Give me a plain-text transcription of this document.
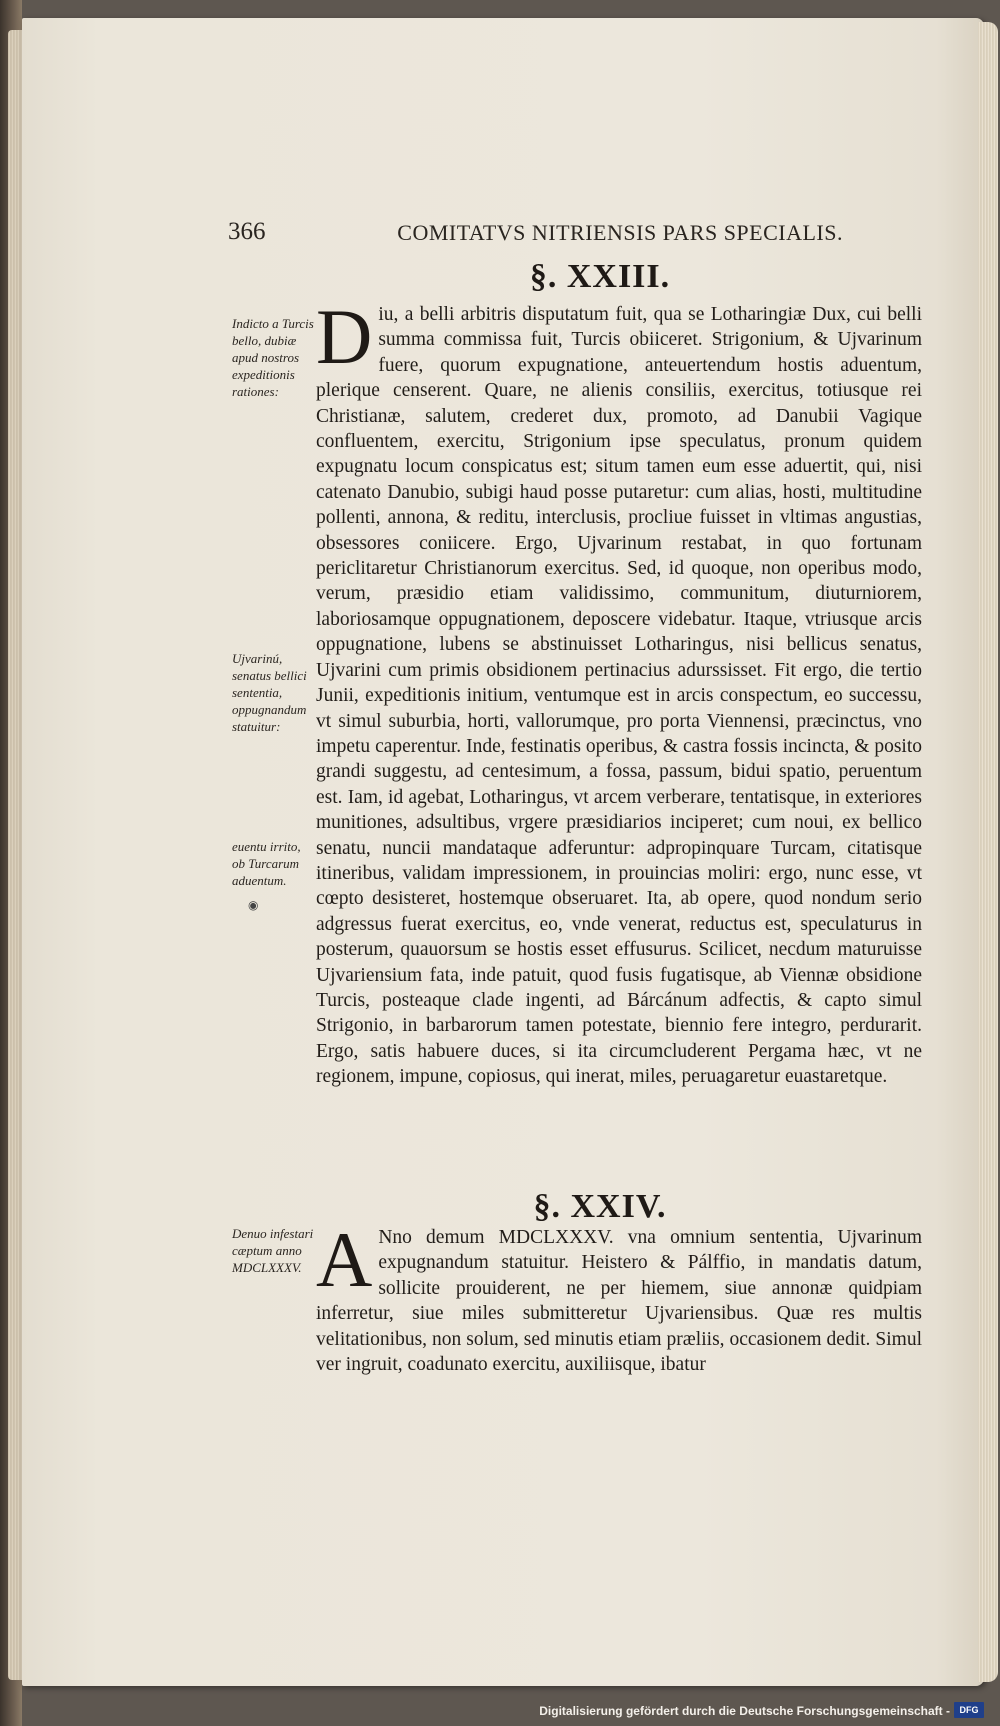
366	COMITATVS NITRIENSIS PARS SPECIALIS.
§. XXIII.
Indicto a Turcis bello, dubiæ apud nostros expeditionis rationes:
Ujvarinú, senatus bellici sententia, oppugnandum statuitur:
euentu irrito, ob Turcarum aduentum.
◉

Diu, a belli arbitris disputatum fuit, qua se Lotharingiæ Dux, cui belli summa commissa fuit, Turcis obiiceret. Strigonium, & Ujvarinum fuere, quorum expugnatione, anteuertendum hostis aduentum, plerique censerent. Quare, ne alienis consiliis, exercitus, totiusque rei Christianæ, salutem, crederet dux, promoto, ad Danubii Vagique confluentem, exercitu, Strigonium ipse speculatus, pronum quidem expugnatu locum conspicatus est; situm tamen eum esse aduertit, qui, nisi catenato Danubio, subigi haud posse putaretur: cum alias, hosti, multitudine pollenti, annona, & reditu, interclusis, procliue fuisset in vltimas angustias, obsessores coniicere. Ergo, Ujvarinum restabat, in quo fortunam periclitaretur Christianorum exercitus. Sed, id quoque, non operibus modo, verum, præsidio etiam validissimo, communitum, diuturniorem, laboriosamque oppugnationem, deposcere videbatur. Itaque, vtriusque arcis oppugnatione, lubens se abstinuisset Lotharingus, nisi bellicus senatus, Ujvarini cum primis obsidionem pertinacius adurssisset. Fit ergo, die tertio Junii, expeditionis initium, ventumque est in arcis conspectum, eo successu, vt simul suburbia, horti, vallorumque, pro porta Viennensi, præcinctus, vno impetu caperentur. Inde, festinatis operibus, & castra fossis incincta, & posito grandi suggestu, ad centesimum, a fossa, passum, bidui spatio, peruentum est. Iam, id agebat, Lotharingus, vt arcem verberare, tentatisque, in exteriores munitiones, adsultibus, vrgere præsidiarios inciperet; cum noui, ex bellico senatu, nuncii mandataque adferuntur: adpropinquare Turcam, citatisque itineribus, validam impressionem, in prouincias moliri: ergo, nunc esse, vt cœpto desisteret, hostemque obseruaret. Ita, ab opere, quod nondum serio adgressus fuerat exercitus, eo, vnde venerat, reductus est, speculaturus in posterum, quauorsum se hostis esset effusurus. Scilicet, necdum maturuisse Ujvariensium fata, inde patuit, quod fusis fugatisque, ab Viennæ obsidione Turcis, posteaque clade ingenti, ad Bárcánum adfectis, & capto simul Strigonio, in barbarorum tamen potestate, biennio fere integro, perdurarit. Ergo, satis habuere duces, si ita circumcluderent Pergama hæc, vt ne regionem, impune, copiosus, qui inerat, miles, peruagaretur euastaretque.

§. XXIV.
Denuo infestari cæptum anno MDCLXXXV. A Nno demum MDCLXXXV. vna omnium sententia, Ujvarinum expugnandum statuitur. Heistero & Pálffio, in mandatis datum, sollicite prouiderent, ne per hiemem, siue annonæ quidpiam inferretur, siue miles submitteretur Ujvariensibus. Quæ res multis velitationibus, non solum, sed minutis etiam præliis, occasionem dedit. Simul ver ingruit, coadunato exercitu, auxiliisque, ibatur

Digitalisierung gefördert durch die Deutsche Forschungsgemeinschaft -	DFG
